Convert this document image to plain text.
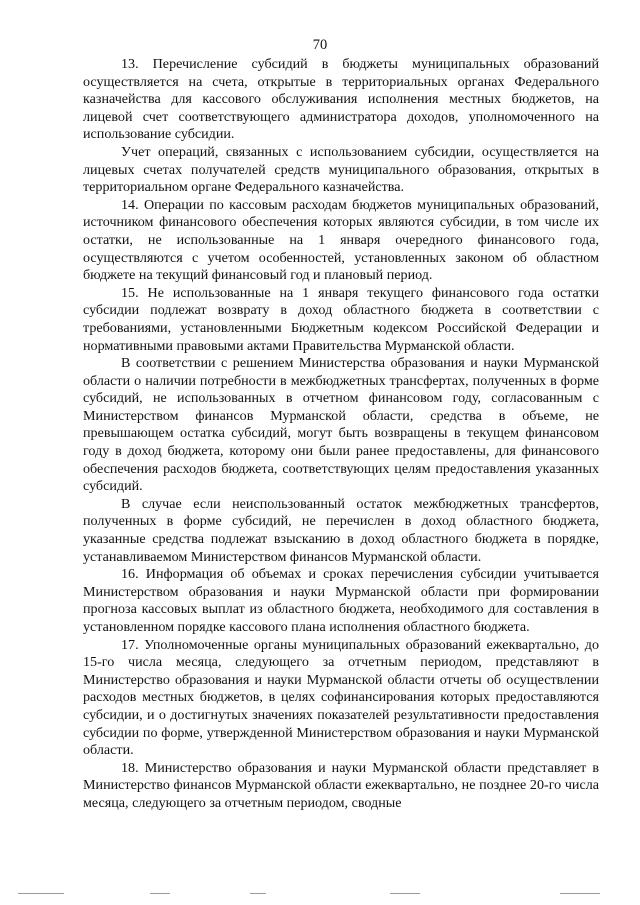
70

13. Перечисление субсидий в бюджеты муниципальных образований осуществляется на счета, открытые в территориальных органах Федерального казначейства для кассового обслуживания исполнения местных бюджетов, на лицевой счет соответствующего администратора доходов, уполномоченного на использование субсидии.

Учет операций, связанных с использованием субсидии, осуществляется на лицевых счетах получателей средств муниципального образования, открытых в территориальном органе Федерального казначейства.

14. Операции по кассовым расходам бюджетов муниципальных образований, источником финансового обеспечения которых являются субсидии, в том числе их остатки, не использованные на 1 января очередного финансового года, осуществляются с учетом особенностей, установленных законом об областном бюджете на текущий финансовый год и плановый период.

15. Не использованные на 1 января текущего финансового года остатки субсидии подлежат возврату в доход областного бюджета в соответствии с требованиями, установленными Бюджетным кодексом Российской Федерации и нормативными правовыми актами Правительства Мурманской области.

В соответствии с решением Министерства образования и науки Мурманской области о наличии потребности в межбюджетных трансфертах, полученных в форме субсидий, не использованных в отчетном финансовом году, согласованным с Министерством финансов Мурманской области, средства в объеме, не превышающем остатка субсидий, могут быть возвращены в текущем финансовом году в доход бюджета, которому они были ранее предоставлены, для финансового обеспечения расходов бюджета, соответствующих целям предоставления указанных субсидий.

В случае если неиспользованный остаток межбюджетных трансфертов, полученных в форме субсидий, не перечислен в доход областного бюджета, указанные средства подлежат взысканию в доход областного бюджета в порядке, устанавливаемом Министерством финансов Мурманской области.

16. Информация об объемах и сроках перечисления субсидии учитывается Министерством образования и науки Мурманской области при формировании прогноза кассовых выплат из областного бюджета, необходимого для составления в установленном порядке кассового плана исполнения областного бюджета.

17. Уполномоченные органы муниципальных образований ежеквартально, до 15-го числа месяца, следующего за отчетным периодом, представляют в Министерство образования и науки Мурманской области отчеты об осуществлении расходов местных бюджетов, в целях софинансирования которых предоставляются субсидии, и о достигнутых значениях показателей результативности предоставления субсидии по форме, утвержденной Министерством образования и науки Мурманской области.

18. Министерство образования и науки Мурманской области представляет в Министерство финансов Мурманской области ежеквартально, не позднее 20-го числа месяца, следующего за отчетным периодом, сводные
